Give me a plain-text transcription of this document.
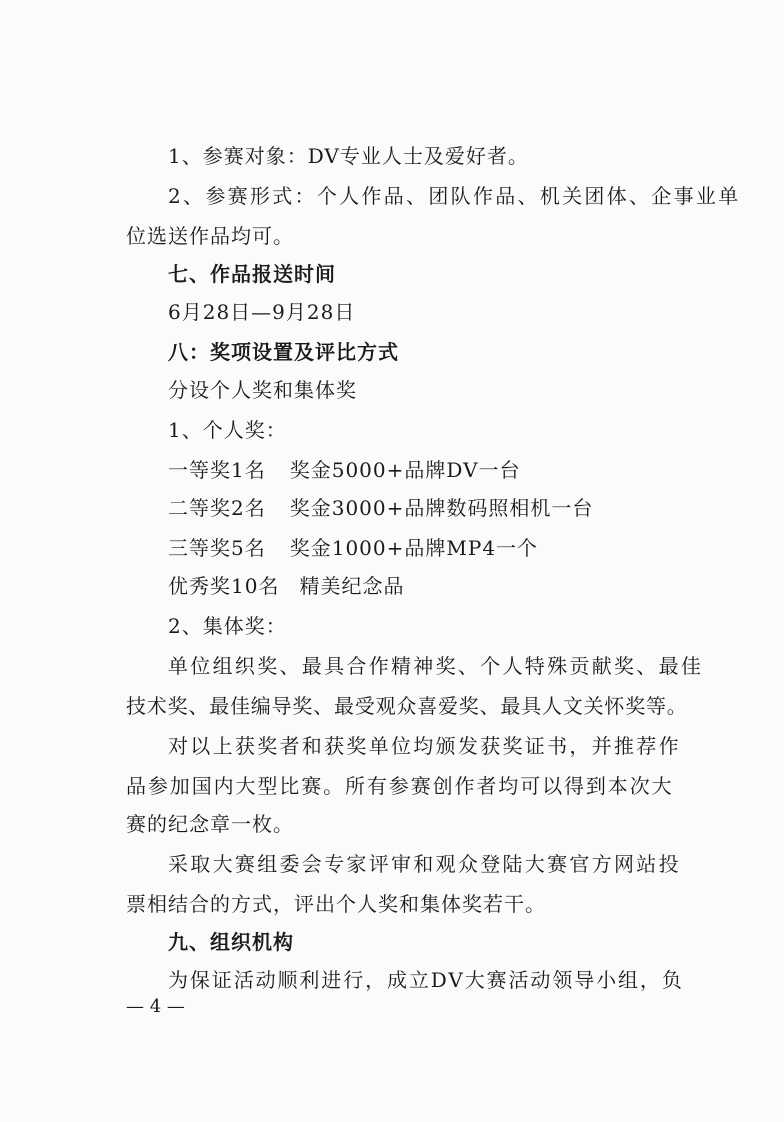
1、参赛对象：DV专业人士及爱好者。
2、参赛形式：个人作品、团队作品、机关团体、企事业单
位选送作品均可。
七、作品报送时间
6月28日—9月28日
八：奖项设置及评比方式
分设个人奖和集体奖
1、个人奖：
一等奖1名 奖金5000+品牌DV一台
二等奖2名 奖金3000+品牌数码照相机一台
三等奖5名 奖金1000+品牌MP4一个
优秀奖10名 精美纪念品
2、集体奖：
单位组织奖、最具合作精神奖、个人特殊贡献奖、最佳
技术奖、最佳编导奖、最受观众喜爱奖、最具人文关怀奖等。
对以上获奖者和获奖单位均颁发获奖证书，并推荐作
品参加国内大型比赛。所有参赛创作者均可以得到本次大
赛的纪念章一枚。
采取大赛组委会专家评审和观众登陆大赛官方网站投
票相结合的方式，评出个人奖和集体奖若干。
九、组织机构
为保证活动顺利进行，成立DV大赛活动领导小组，负
— 4 —
